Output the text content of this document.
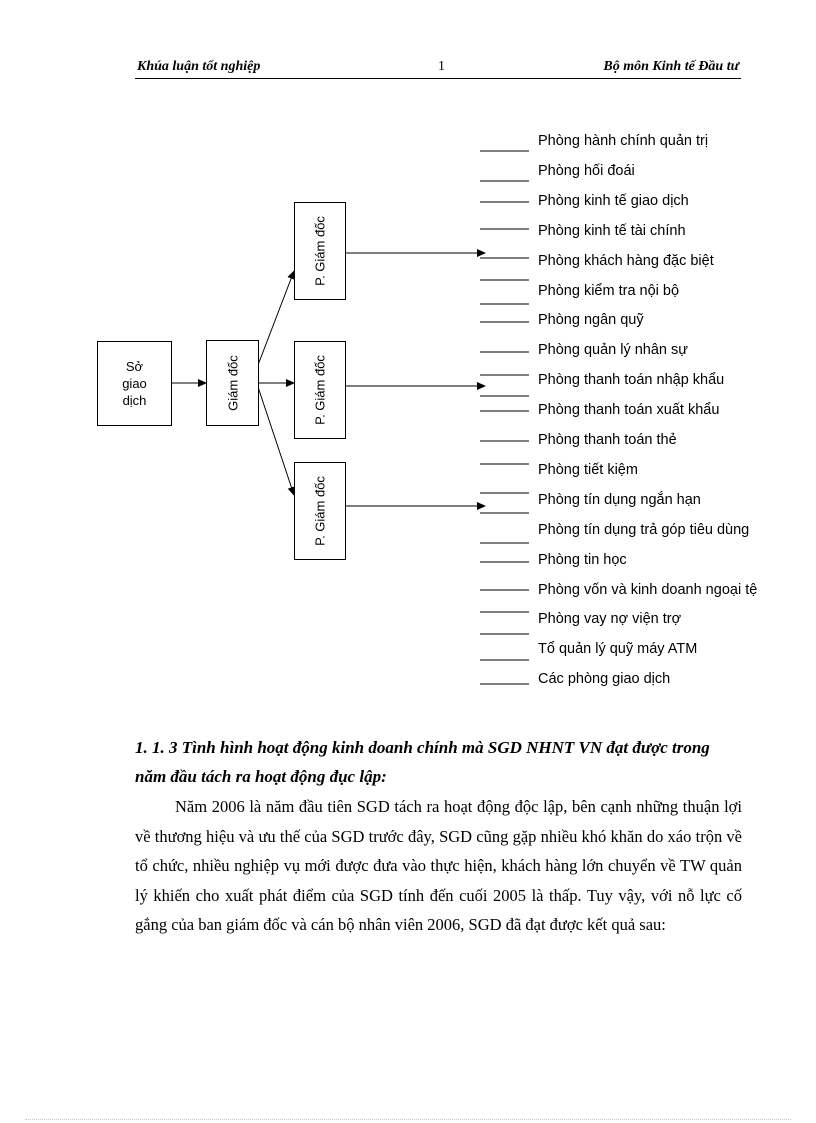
Khúa luận tốt nghiệp	1	Bộ môn Kinh tế Đầu tư
Sở
giao
dịch	Giám đốc
P. Giám đốc
P. Giám đốc
P. Giám đốc
Phòng hành chính quản trị
Phòng hối đoái
Phòng kinh tế giao dịch
Phòng kinh tế tài chính
Phòng khách hàng đặc biệt
Phòng kiểm tra nội bộ
Phòng ngân quỹ
Phòng quản lý nhân sự
Phòng thanh toán nhập khẩu
Phòng thanh toán xuất khẩu
Phòng thanh toán thẻ
Phòng tiết kiệm
Phòng tín dụng ngắn hạn
Phòng tín dụng trả góp tiêu dùng
Phòng tin học
Phòng vốn và kinh doanh ngoại tệ
Phòng vay nợ viện trợ
Tổ quản lý quỹ máy ATM
Các phòng giao dịch
1. 1. 3 Tình hình hoạt động kinh doanh chính mà SGD NHNT VN đạt được trong năm đầu tách ra hoạt động đục lập:

Năm 2006 là năm đầu tiên SGD tách ra hoạt động độc lập, bên cạnh những thuận lợi về thương hiệu và ưu thế của SGD trước đây, SGD cũng gặp nhiều khó khăn do xáo trộn về tổ chức, nhiều nghiệp vụ mới được đưa vào thực hiện, khách hàng lớn chuyển về TW quản lý khiến cho xuất phát điểm của SGD tính đến cuối 2005 là thấp. Tuy vậy, với nỗ lực cố gắng của ban giám đốc và cán bộ nhân viên 2006, SGD đã đạt được kết quả sau:
